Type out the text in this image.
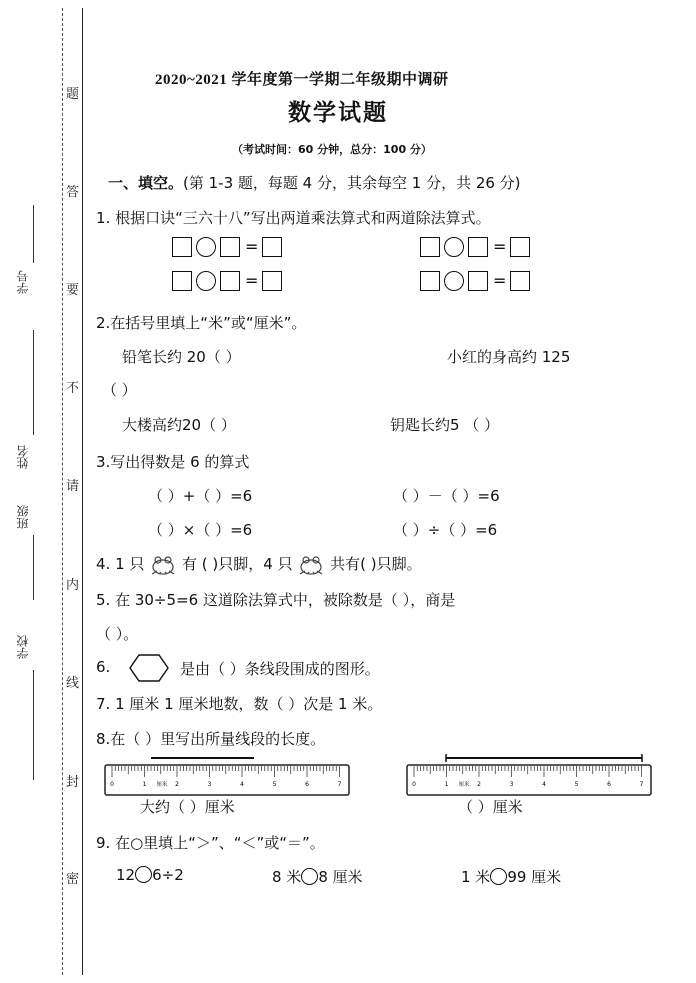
题
答
要
不
请
内
线
封
密
学号
姓名
班级
学校
2020~2021 学年度第一学期二年级期中调研
数学试题
（考试时间：60 分钟，总分：100 分）
一、填空。(第 1-3 题，每题 4 分，其余每空 1 分，共 26 分)
1. 根据口诀“三六十八”写出两道乘法算式和两道除法算式。
=	=
=	=
2.在括号里填上“米”或“厘米”。
铅笔长约 20（ ）	小红的身高约 125
（ ）
大楼高约20（ ）	钥匙长约5 （ ）
3.写出得数是 6 的算式
（ ）+（ ）=6	（ ）－（ ）=6
（ ）×（ ）=6	（ ）÷（ ）=6
4. 1 只	有 ( )只脚，4 只	共有( )只脚。
5. 在 30÷5=6 这道除法算式中，被除数是（ ），商是
（ ）。
6.	是由（ ）条线段围成的图形。
7. 1 厘米 1 厘米地数，数（ ）次是 1 米。
8.在（ ）里写出所量线段的长度。
0	1	2	3	4	5	6	7
厘米	0	1	2	3	4	5	6	7
厘米
大约（ ）厘米	（ ）厘米
9. 在○里填上“＞”、“＜”或“＝”。
12 6÷2	8 米 8 厘米	1 米 99 厘米
